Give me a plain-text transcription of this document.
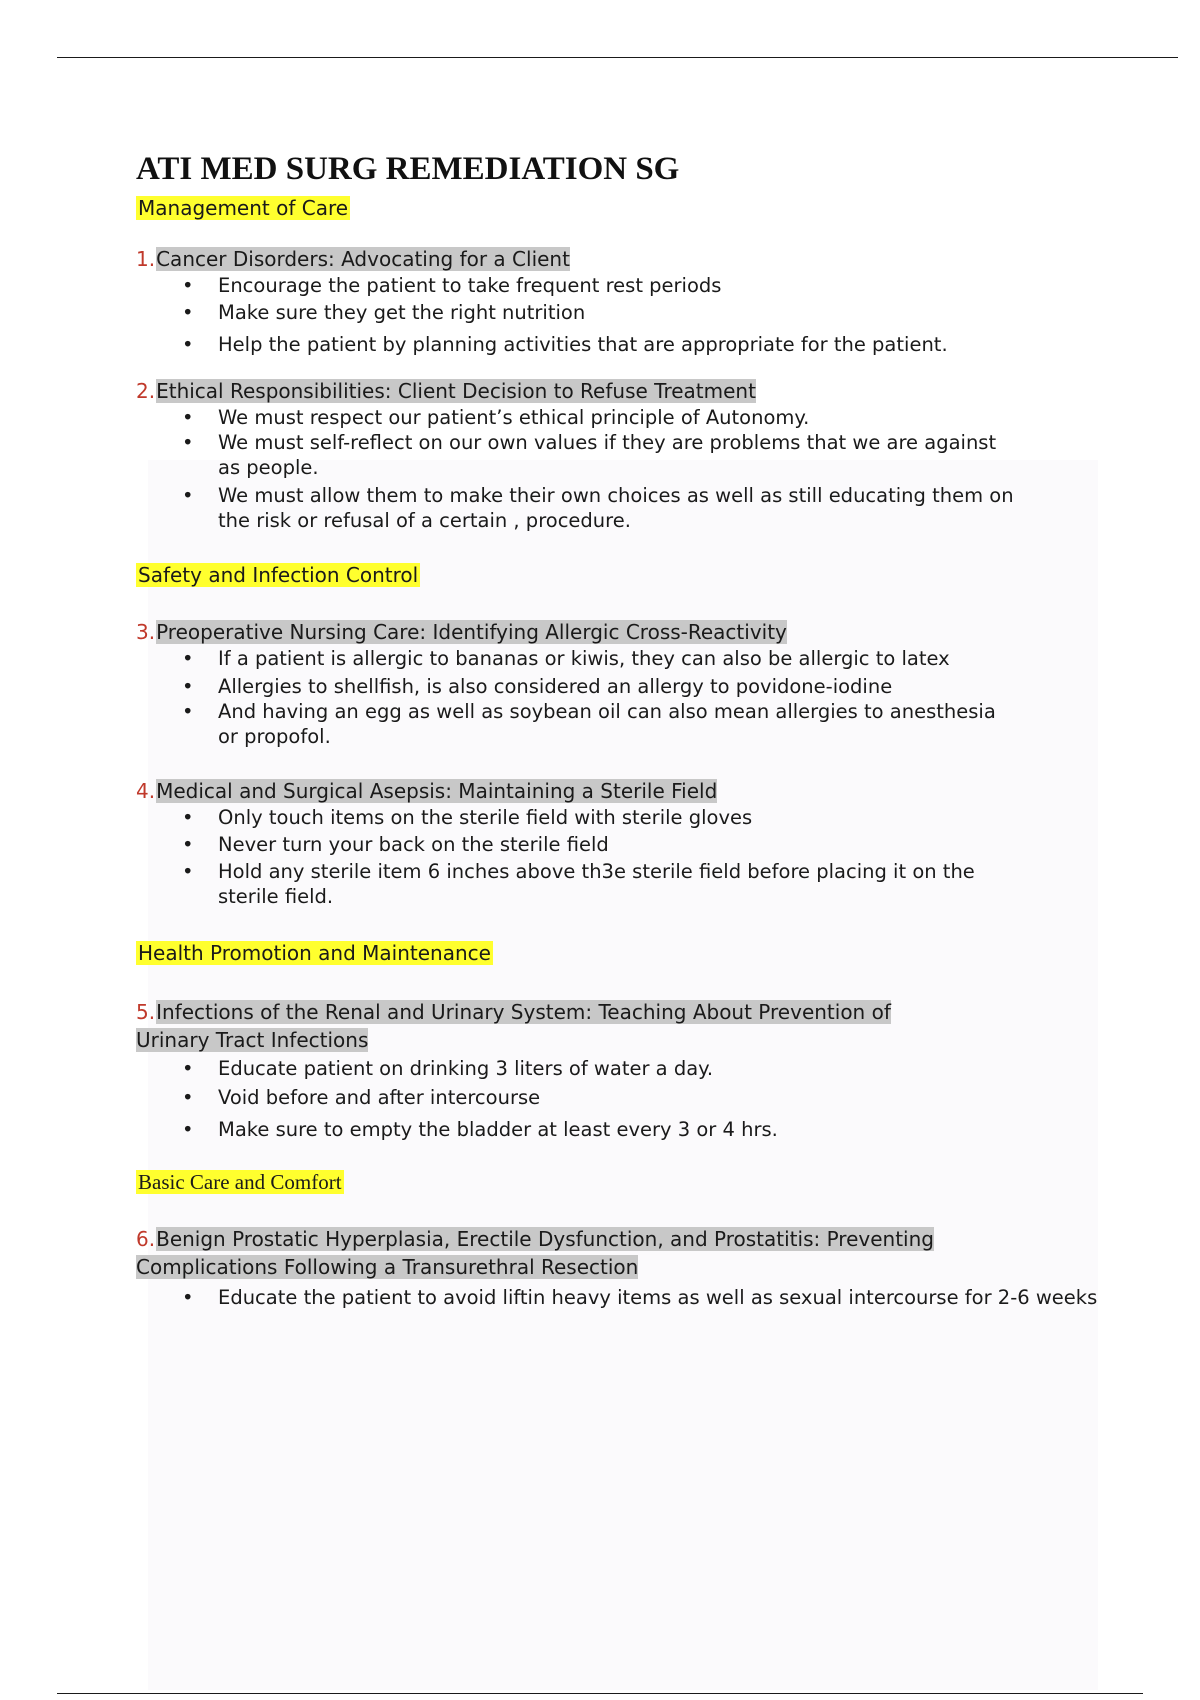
ATI MED SURG REMEDIATION SG

Management of Care

1.Cancer Disorders: Advocating for a Client

• Encourage the patient to take frequent rest periods
• Make sure they get the right nutrition
• Help the patient by planning activities that are appropriate for the patient.

2.Ethical Responsibilities: Client Decision to Refuse Treatment

• We must respect our patient’s ethical principle of Autonomy.
• We must self-reflect on our own values if they are problems that we are against as people.
• We must allow them to make their own choices as well as still educating them on the risk or refusal of a certain , procedure.

Safety and Infection Control

3.Preoperative Nursing Care: Identifying Allergic Cross-Reactivity

• If a patient is allergic to bananas or kiwis, they can also be allergic to latex
• Allergies to shellfish, is also considered an allergy to povidone-iodine
• And having an egg as well as soybean oil can also mean allergies to anesthesia or propofol.

4.Medical and Surgical Asepsis: Maintaining a Sterile Field

• Only touch items on the sterile field with sterile gloves
• Never turn your back on the sterile field
• Hold any sterile item 6 inches above th3e sterile field before placing it on the sterile field.

Health Promotion and Maintenance

5.Infections of the Renal and Urinary System: Teaching About Prevention of Urinary Tract Infections

• Educate patient on drinking 3 liters of water a day.
• Void before and after intercourse
• Make sure to empty the bladder at least every 3 or 4 hrs.

Basic Care and Comfort

6.Benign Prostatic Hyperplasia, Erectile Dysfunction, and Prostatitis: Preventing Complications Following a Transurethral Resection

• Educate the patient to avoid liftin heavy items as well as sexual intercourse for 2-6 weeks
